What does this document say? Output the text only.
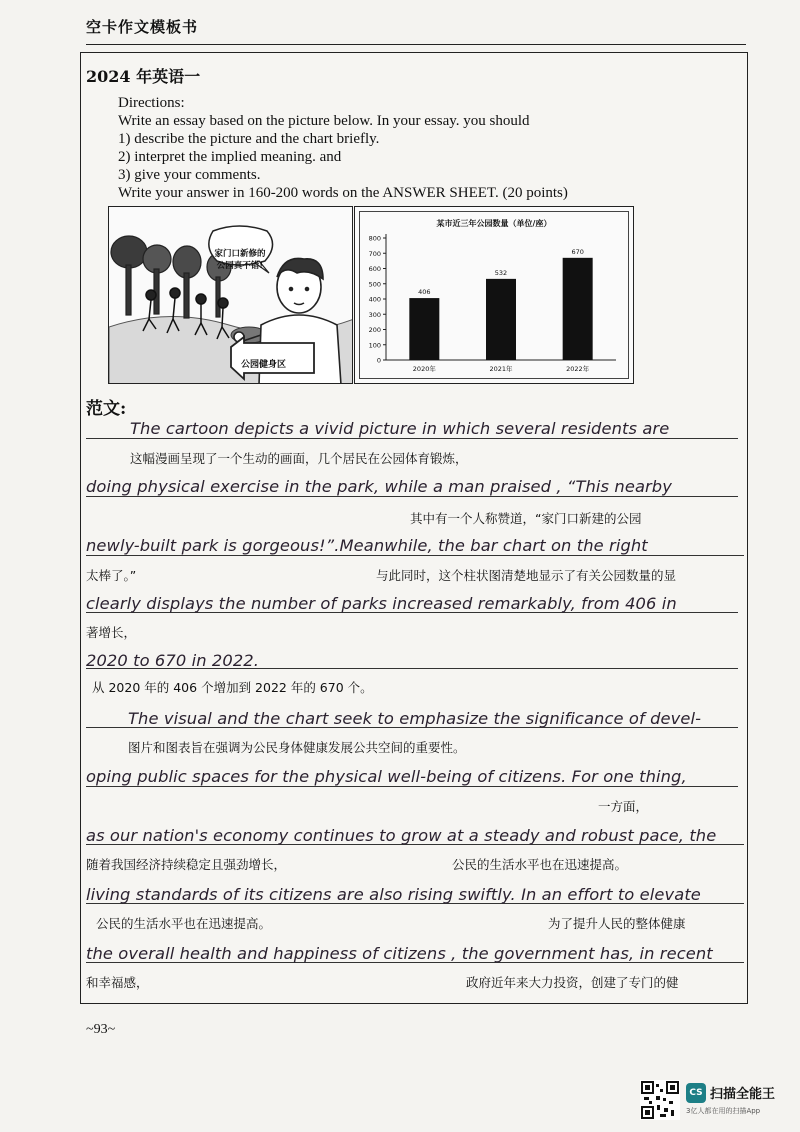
空卡作文模板书
2024 年英语一
Directions:
Write an essay based on the picture below. In your essay. you should
1) describe the picture and the chart briefly.
2) interpret the implied meaning. and
3) give your comments.
Write your answer in 160-200 words on the ANSWER SHEET. (20 points)
家门口新修的公园真不错!
公园健身区
某市近三年公园数量（单位/座）
0
100
200
300
400
500
600
700
800
406
2020年
532
2021年
670
2022年
范文:
The cartoon depicts a vivid picture in which several residents are
这幅漫画呈现了一个生动的画面，几个居民在公园体育锻炼，
doing physical exercise in the park, while a man praised , “This nearby
其中有一个人称赞道，“家门口新建的公园
newly-built park is gorgeous!”.Meanwhile, the bar chart on the right
太棒了。”	与此同时，这个柱状图清楚地显示了有关公园数量的显
clearly displays the number of parks increased remarkably, from 406 in
著增长，
2020 to 670 in 2022.
从 2020 年的 406 个增加到 2022 年的 670 个。
The visual and the chart seek to emphasize the significance of devel-
图片和图表旨在强调为公民身体健康发展公共空间的重要性。
oping public spaces for the physical well-being of citizens. For one thing,
一方面，
as our nation's economy continues to grow at a steady and robust pace, the
随着我国经济持续稳定且强劲增长，	公民的生活水平也在迅速提高。
living standards of its citizens are also rising swiftly. In an effort to elevate
公民的生活水平也在迅速提高。	为了提升人民的整体健康
the overall health and happiness of citizens , the government has, in recent
和幸福感，	政府近年来大力投资，创建了专门的健
~93~
CS 扫描全能王
3亿人都在用的扫描App
